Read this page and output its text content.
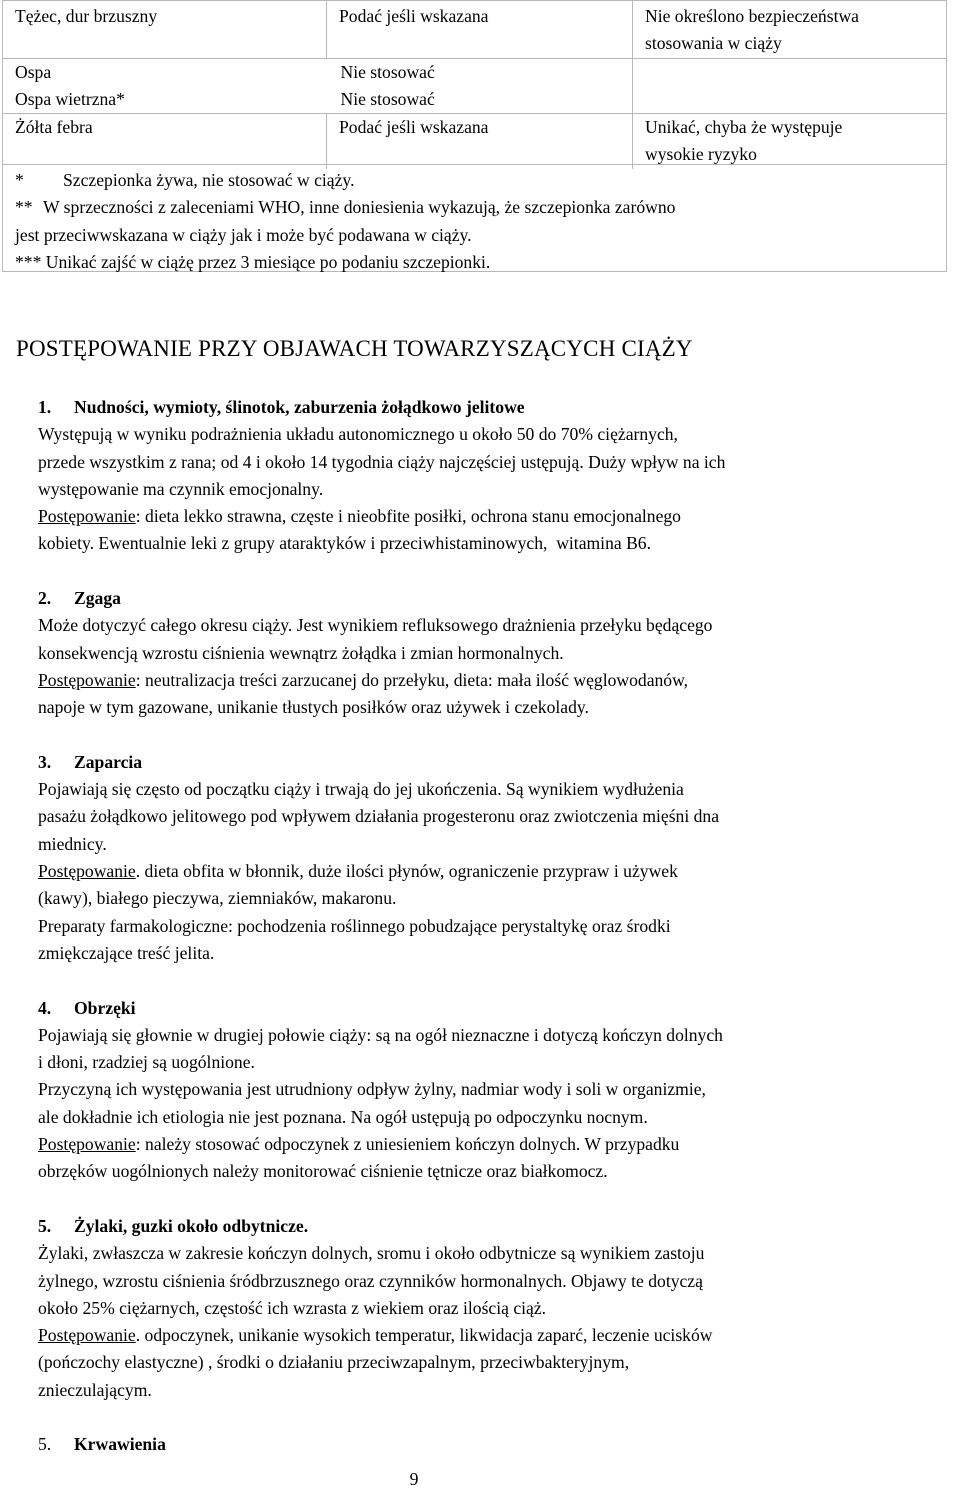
Tężec, dur brzuszny	Podać jeśli wskazana	Nie określono bezpieczeństwa
stosowania w ciąży

Ospa	Nie stosować	
Ospa wietrzna*	Nie stosować	
Żółta febra	Podać jeśli wskazana	Unikać, chyba że występuje
wysokie ryzyko

* Szczepionka żywa, nie stosować w ciąży.

** W sprzeczności z zaleceniami WHO, inne doniesienia wykazują, że szczepionka zarówno

jest przeciwwskazana w ciąży jak i może być podawana w ciąży.

*** Unikać zajść w ciążę przez 3 miesiące po podaniu szczepionki.

POSTĘPOWANIE PRZY OBJAWACH TOWARZYSZĄCYCH CIĄŻY

1. Nudności, wymioty, ślinotok, zaburzenia żołądkowo jelitowe

Występują w wyniku podrażnienia układu autonomicznego u około 50 do 70% ciężarnych,

przede wszystkim z rana; od 4 i około 14 tygodnia ciąży najczęściej ustępują. Duży wpływ na ich

występowanie ma czynnik emocjonalny.

Postępowanie: dieta lekko strawna, częste i nieobfite posiłki, ochrona stanu emocjonalnego

kobiety. Ewentualnie leki z grupy ataraktyków i przeciwhistaminowych,  witamina B6.

2. Zgaga

Może dotyczyć całego okresu ciąży. Jest wynikiem refluksowego drażnienia przełyku będącego

konsekwencją wzrostu ciśnienia wewnątrz żołądka i zmian hormonalnych.

Postępowanie: neutralizacja treści zarzucanej do przełyku, dieta: mała ilość węglowodanów,

napoje w tym gazowane, unikanie tłustych posiłków oraz używek i czekolady.

3. Zaparcia

Pojawiają się często od początku ciąży i trwają do jej ukończenia. Są wynikiem wydłużenia

pasażu żołądkowo jelitowego pod wpływem działania progesteronu oraz zwiotczenia mięśni dna

miednicy.

Postępowanie. dieta obfita w błonnik, duże ilości płynów, ograniczenie przypraw i używek

(kawy), białego pieczywa, ziemniaków, makaronu.

Preparaty farmakologiczne: pochodzenia roślinnego pobudzające perystaltykę oraz środki

zmiękczające treść jelita.

4. Obrzęki

Pojawiają się głownie w drugiej połowie ciąży: są na ogół nieznaczne i dotyczą kończyn dolnych

i dłoni, rzadziej są uogólnione.

Przyczyną ich występowania jest utrudniony odpływ żylny, nadmiar wody i soli w organizmie,

ale dokładnie ich etiologia nie jest poznana. Na ogół ustępują po odpoczynku nocnym.

Postępowanie: należy stosować odpoczynek z uniesieniem kończyn dolnych. W przypadku

obrzęków uogólnionych należy monitorować ciśnienie tętnicze oraz białkomocz.

5. Żylaki, guzki około odbytnicze.

Żylaki, zwłaszcza w zakresie kończyn dolnych, sromu i około odbytnicze są wynikiem zastoju

żylnego, wzrostu ciśnienia śródbrzusznego oraz czynników hormonalnych. Objawy te dotyczą

około 25% ciężarnych, częstość ich wzrasta z wiekiem oraz ilością ciąż.

Postępowanie. odpoczynek, unikanie wysokich temperatur, likwidacja zaparć, leczenie ucisków

(pończochy elastyczne) , środki o działaniu przeciwzapalnym, przeciwbakteryjnym,

znieczulającym.

5. Krwawienia

9
